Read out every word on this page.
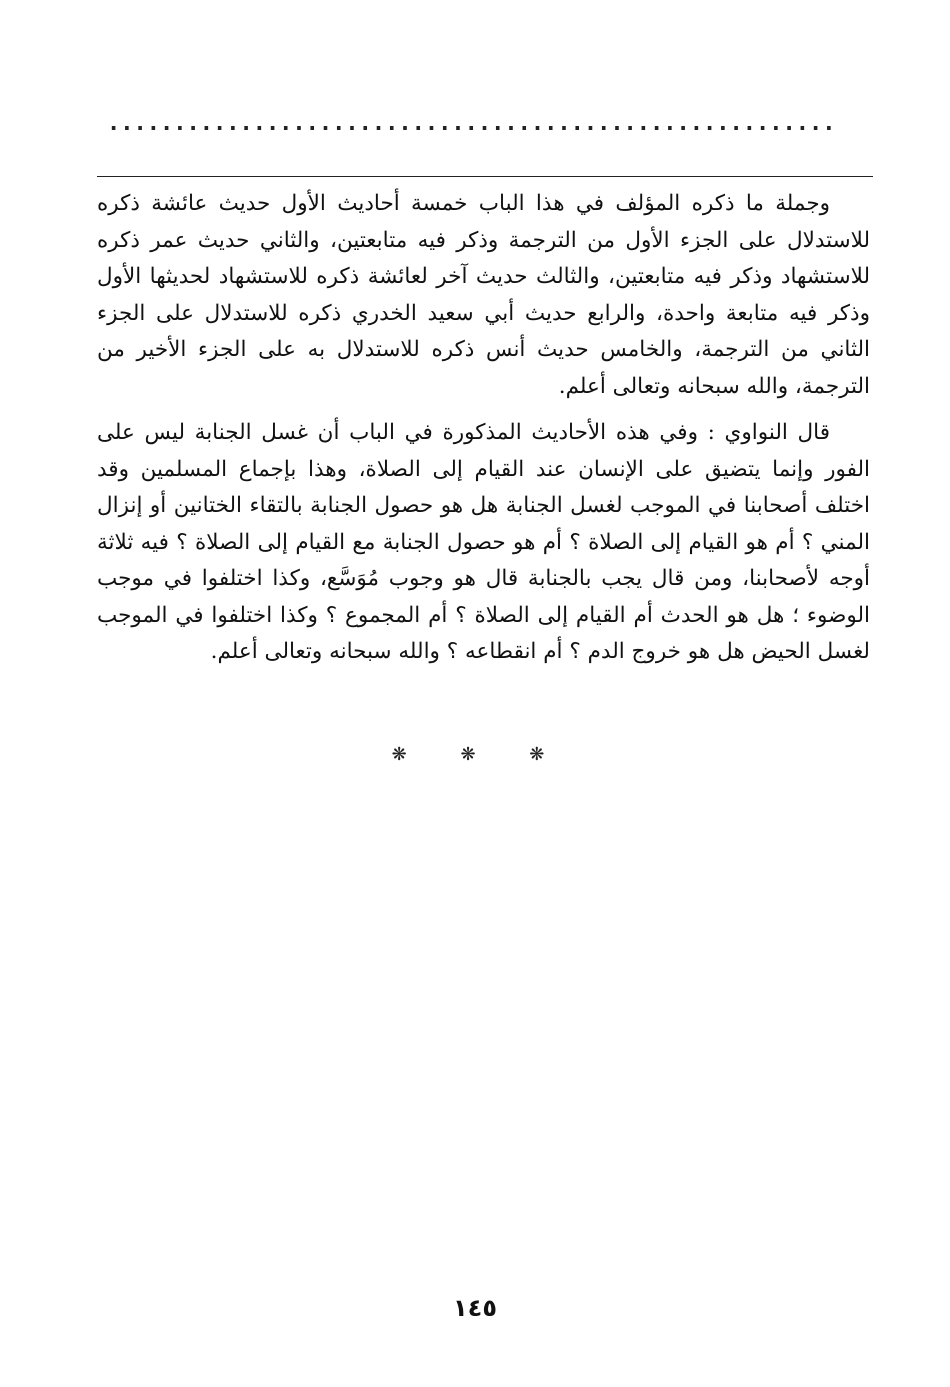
.......................................................

وجملة ما ذكره المؤلف في هذا الباب خمسة أحاديث الأول حديث عائشة ذكره للاستدلال على الجزء الأول من الترجمة وذكر فيه متابعتين، والثاني حديث عمر ذكره للاستشهاد وذكر فيه متابعتين، والثالث حديث آخر لعائشة ذكره للاستشهاد لحديثها الأول وذكر فيه متابعة واحدة، والرابع حديث أبي سعيد الخدري ذكره للاستدلال على الجزء الثاني من الترجمة، والخامس حديث أنس ذكره للاستدلال به على الجزء الأخير من الترجمة، والله سبحانه وتعالى أعلم.

قال النواوي : وفي هذه الأحاديث المذكورة في الباب أن غسل الجنابة ليس على الفور وإنما يتضيق على الإنسان عند القيام إلى الصلاة، وهذا بإجماع المسلمين وقد اختلف أصحابنا في الموجب لغسل الجنابة هل هو حصول الجنابة بالتقاء الختانين أو إنزال المني ؟ أم هو القيام إلى الصلاة ؟ أم هو حصول الجنابة مع القيام إلى الصلاة ؟ فيه ثلاثة أوجه لأصحابنا، ومن قال يجب بالجنابة قال هو وجوب مُوَسَّع، وكذا اختلفوا في موجب الوضوء ؛ هل هو الحدث أم القيام إلى الصلاة ؟ أم المجموع ؟ وكذا اختلفوا في الموجب لغسل الحيض هل هو خروج الدم ؟ أم انقطاعه ؟ والله سبحانه وتعالى أعلم.

❋ ❋ ❋
١٤٥
